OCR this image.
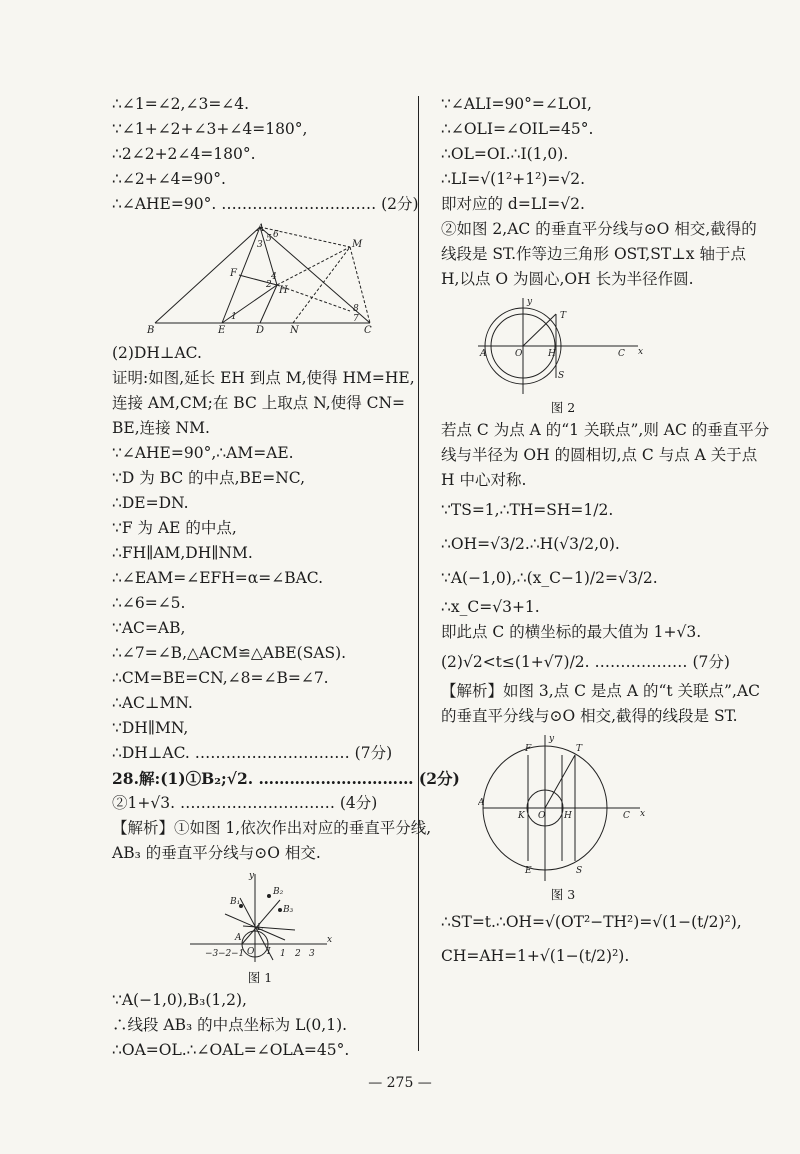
∴∠1=∠2,∠3=∠4.
∵∠1+∠2+∠3+∠4=180°,
∴2∠2+2∠4=180°.
∴∠2+∠4=90°.
∴∠AHE=90°. ………………………… (2分)
A
B	C
D
E
F
H
M
N
1
2
3
4
5 6
7
8
(2)DH⊥AC.
证明:如图,延长 EH 到点 M,使得 HM=HE,
连接 AM,CM;在 BC 上取点 N,使得 CN=
BE,连接 NM.
∵∠AHE=90°,∴AM=AE.
∵D 为 BC 的中点,BE=NC,
∴DE=DN.
∵F 为 AE 的中点,
∴FH∥AM,DH∥NM.
∴∠EAM=∠EFH=α=∠BAC.
∴∠6=∠5.
∵AC=AB,
∴∠7=∠B,△ACM≌△ABE(SAS).
∴CM=BE=CN,∠8=∠B=∠7.
∴AC⊥MN.
∵DH∥MN,
∴DH⊥AC. ………………………… (7分)
28.解:(1)①B₂;√2. ………………………… (2分)
②1+√3. ………………………… (4分)
【解析】①如图 1,依次作出对应的垂直平分线,
AB₃ 的垂直平分线与⊙O 相交.
y
x
B₁
B₂
B₃
A
O
L
I
−3 −2 −1	1 2 3
图 1
∵A(−1,0),B₃(1,2),
∴线段 AB₃ 的中点坐标为 L(0,1).
∴OA=OL.∴∠OAL=∠OLA=45°.
∵∠ALI=90°=∠LOI,
∴∠OLI=∠OIL=45°.
∴OL=OI.∴I(1,0).
∴LI=√(1²+1²)=√2.
即对应的 d=LI=√2.
②如图 2,AC 的垂直平分线与⊙O 相交,截得的
线段是 ST.作等边三角形 OST,ST⊥x 轴于点
H,以点 O 为圆心,OH 长为半径作圆.
y
x
A	O	H	C
T
S
图 2
若点 C 为点 A 的“1 关联点”,则 AC 的垂直平分
线与半径为 OH 的圆相切,点 C 与点 A 关于点
H 中心对称.
∵TS=1,∴TH=SH=1/2.
∴OH=√3/2.∴H(√3/2,0).
∵A(−1,0),∴(x_C−1)/2=√3/2.
∴x_C=√3+1.
即此点 C 的横坐标的最大值为 1+√3.
(2)√2<t≤(1+√7)/2. ……………… (7分)
【解析】如图 3,点 C 是点 A 的“t 关联点”,AC
的垂直平分线与⊙O 相交,截得的线段是 ST.
y
x
A
K O H	C
F	T
E	S
图 3
∴ST=t.∴OH=√(OT²−TH²)=√(1−(t/2)²),
CH=AH=1+√(1−(t/2)²).
— 275 —
